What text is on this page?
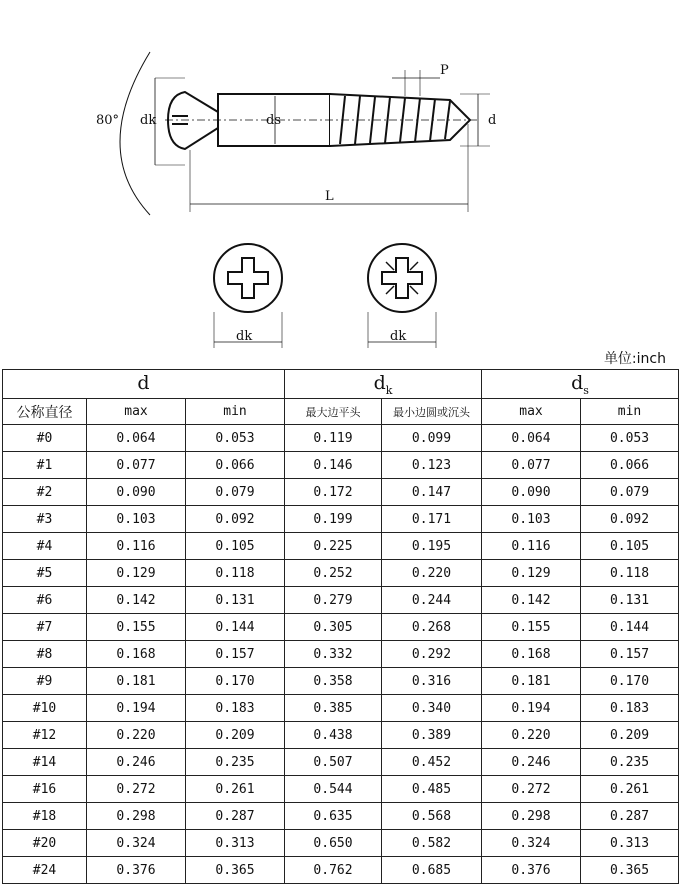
80° dk	ds	d
P
L
dk	dk
单位:inch
d			$d_k$		$d_s$
公称直径	max	min	最大边平头	最小边圆或沉头	max	min
#0	0.064	0.053	0.119	0.099	0.064	0.053
#1	0.077	0.066	0.146	0.123	0.077	0.066
#2	0.090	0.079	0.172	0.147	0.090	0.079
#3	0.103	0.092	0.199	0.171	0.103	0.092
#4	0.116	0.105	0.225	0.195	0.116	0.105
#5	0.129	0.118	0.252	0.220	0.129	0.118
#6	0.142	0.131	0.279	0.244	0.142	0.131
#7	0.155	0.144	0.305	0.268	0.155	0.144
#8	0.168	0.157	0.332	0.292	0.168	0.157
#9	0.181	0.170	0.358	0.316	0.181	0.170
#10	0.194	0.183	0.385	0.340	0.194	0.183
#12	0.220	0.209	0.438	0.389	0.220	0.209
#14	0.246	0.235	0.507	0.452	0.246	0.235
#16	0.272	0.261	0.544	0.485	0.272	0.261
#18	0.298	0.287	0.635	0.568	0.298	0.287
#20	0.324	0.313	0.650	0.582	0.324	0.313
#24	0.376	0.365	0.762	0.685	0.376	0.365
